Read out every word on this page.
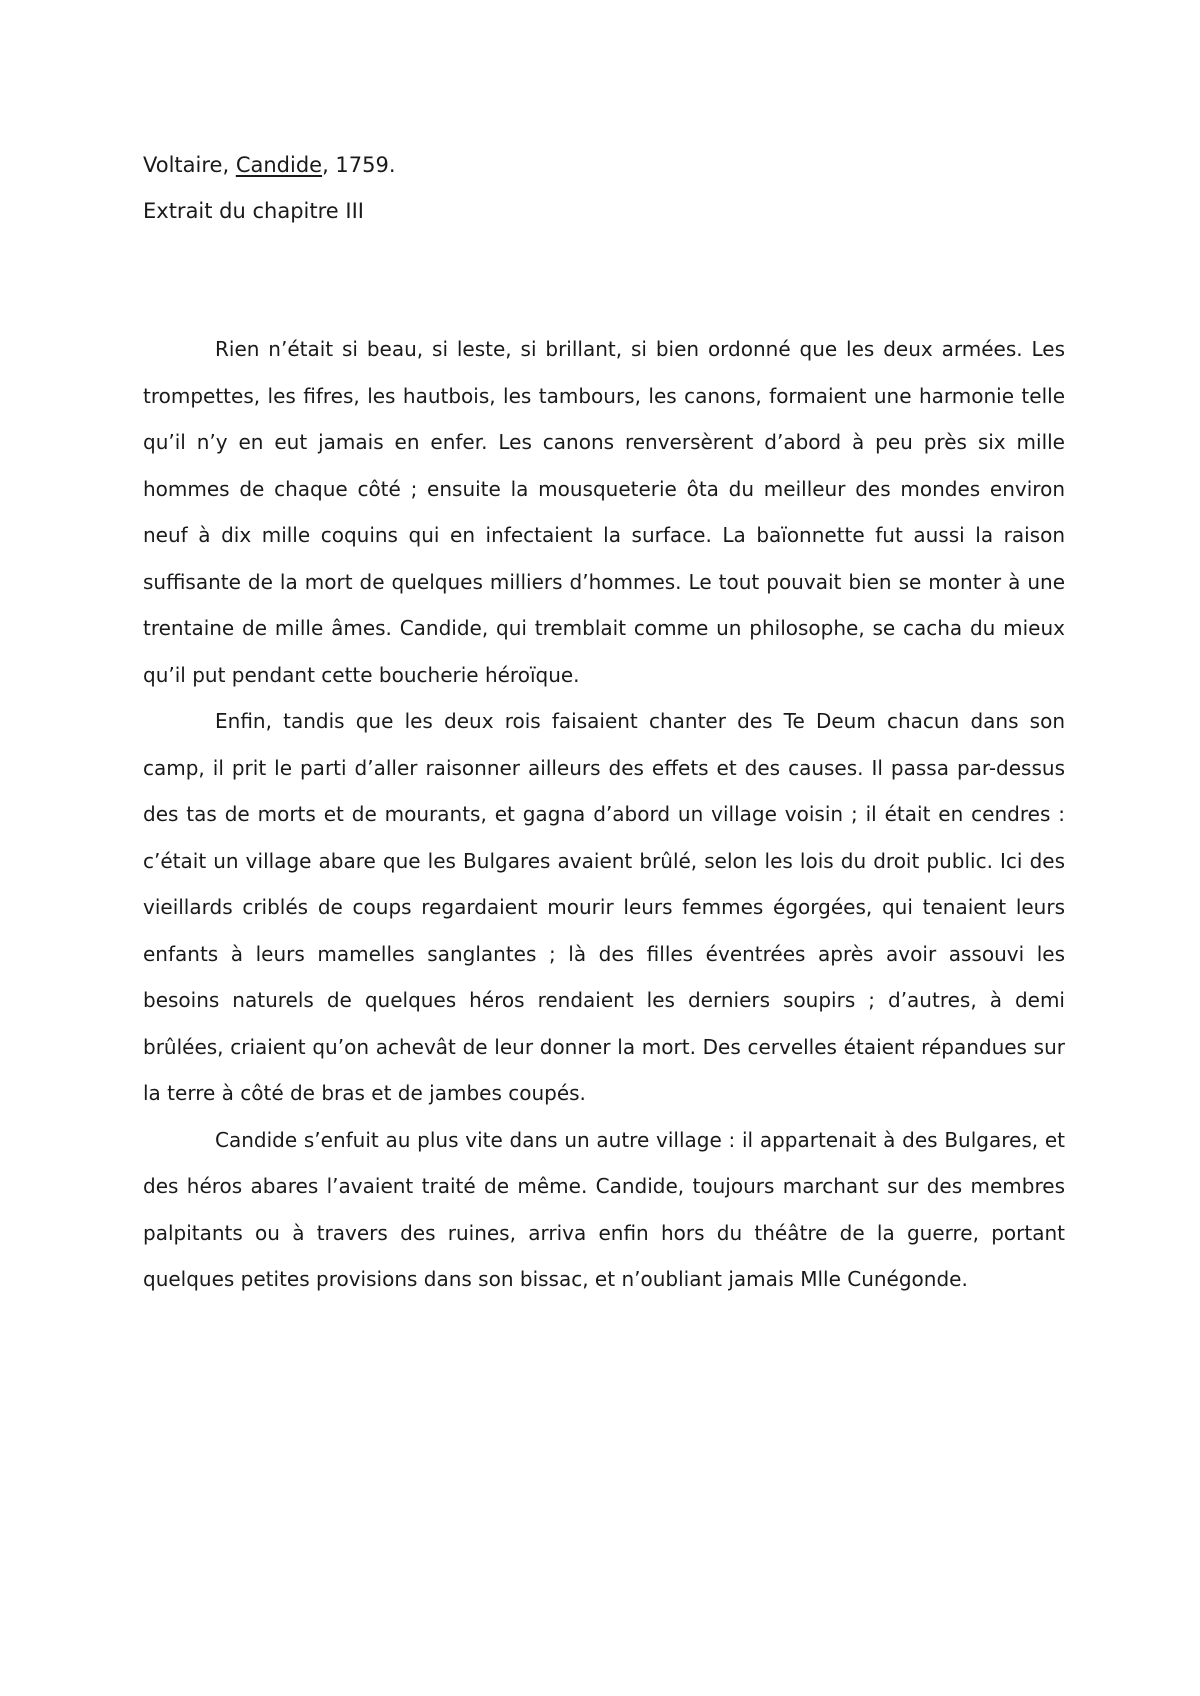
Voltaire, Candide, 1759.
Extrait du chapitre III

Rien n’était si beau, si leste, si brillant, si bien ordonné que les deux armées. Les trompettes, les fifres, les hautbois, les tambours, les canons, formaient une harmonie telle qu’il n’y en eut jamais en enfer. Les canons renversèrent d’abord à peu près six mille hommes de chaque côté ; ensuite la mousqueterie ôta du meilleur des mondes environ neuf à dix mille coquins qui en infectaient la surface. La baïonnette fut aussi la raison suffisante de la mort de quelques milliers d’hommes. Le tout pouvait bien se monter à une trentaine de mille âmes. Candide, qui tremblait comme un philosophe, se cacha du mieux qu’il put pendant cette boucherie héroïque.

Enfin, tandis que les deux rois faisaient chanter des Te Deum chacun dans son camp, il prit le parti d’aller raisonner ailleurs des effets et des causes. Il passa par-dessus des tas de morts et de mourants, et gagna d’abord un village voisin ; il était en cendres : c’était un village abare que les Bulgares avaient brûlé, selon les lois du droit public. Ici des vieillards criblés de coups regardaient mourir leurs femmes égorgées, qui tenaient leurs enfants à leurs mamelles sanglantes ; là des filles éventrées après avoir assouvi les besoins naturels de quelques héros rendaient les derniers soupirs ; d’autres, à demi brûlées, criaient qu’on achevât de leur donner la mort. Des cervelles étaient répandues sur la terre à côté de bras et de jambes coupés.

Candide s’enfuit au plus vite dans un autre village : il appartenait à des Bulgares, et des héros abares l’avaient traité de même. Candide, toujours marchant sur des membres palpitants ou à travers des ruines, arriva enfin hors du théâtre de la guerre, portant quelques petites provisions dans son bissac, et n’oubliant jamais Mlle Cunégonde.
